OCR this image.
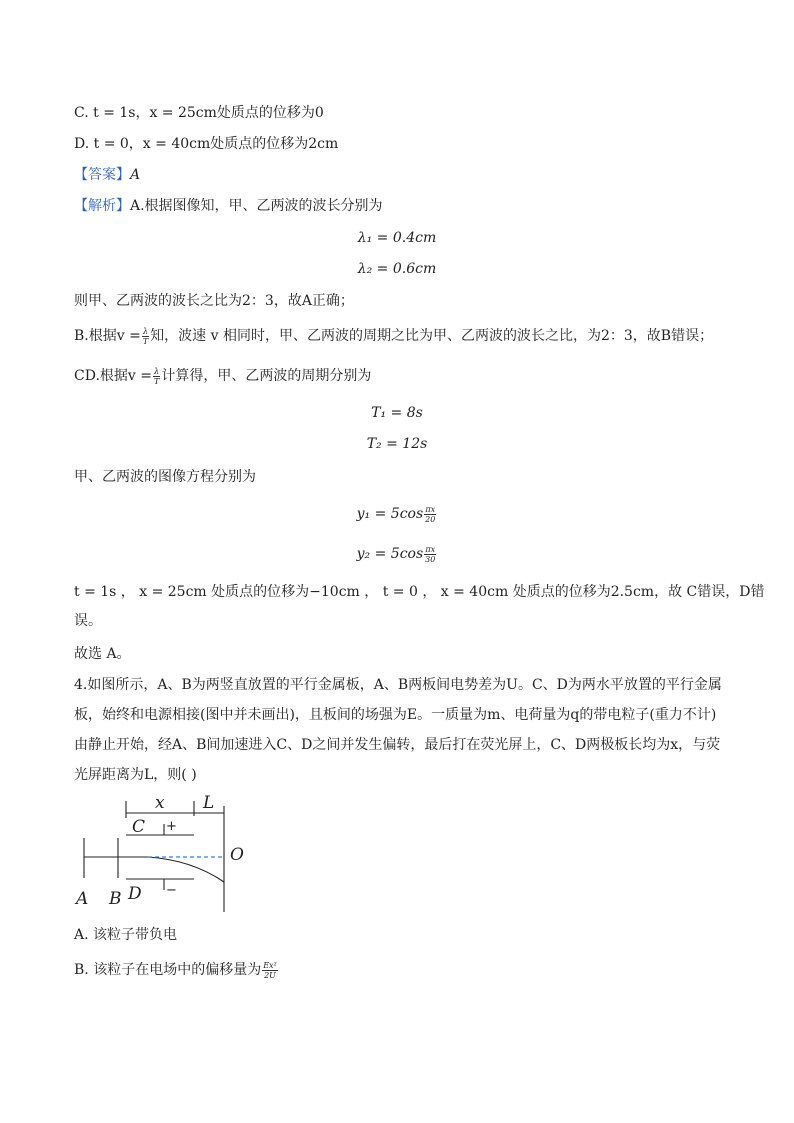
C. t = 1s，x = 25cm处质点的位移为0
D. t = 0，x = 40cm处质点的位移为2cm
【答案】A
【解析】A.根据图像知，甲、乙两波的波长分别为
λ₁ = 0.4cm
λ₂ = 0.6cm
则甲、乙两波的波长之比为2：3，故A正确；
B.根据$v = \frac{\lambda}{T}$ 知，波速 v 相同时，甲、乙两波的周期之比为甲、乙两波的波长之比，为2：3，故B错误；
CD.根据$v = \frac{\lambda}{T}$ 计算得，甲、乙两波的周期分别为
T₁ = 8s
T₂ = 12s
甲、乙两波的图像方程分别为
$y_1 = 5\cos \frac{\pi x}{20}$
$y_2 = 5\cos \frac{\pi x}{30}$
t = 1s ， x = 25cm 处质点的位移为−10cm ， t = 0 ， x = 40cm 处质点的位移为2.5cm，故 C错误，D错
误。
故选 A。
4.如图所示，A、B为两竖直放置的平行金属板，A、B两板间电势差为U。C、D为两水平放置的平行金属
板，始终和电源相接(图中并未画出)，且板间的场强为E。一质量为m、电荷量为q的带电粒子(重力不计)
由静止开始，经A、B间加速进入C、D之间并发生偏转，最后打在荧光屏上，C、D两极板长均为x，与荧
光屏距离为L，则( )
x L
C
O
D
A B
+
−
A. 该粒子带负电
B. 该粒子在电场中的偏移量为 $\frac{\text{Ex²}}{2U}$
